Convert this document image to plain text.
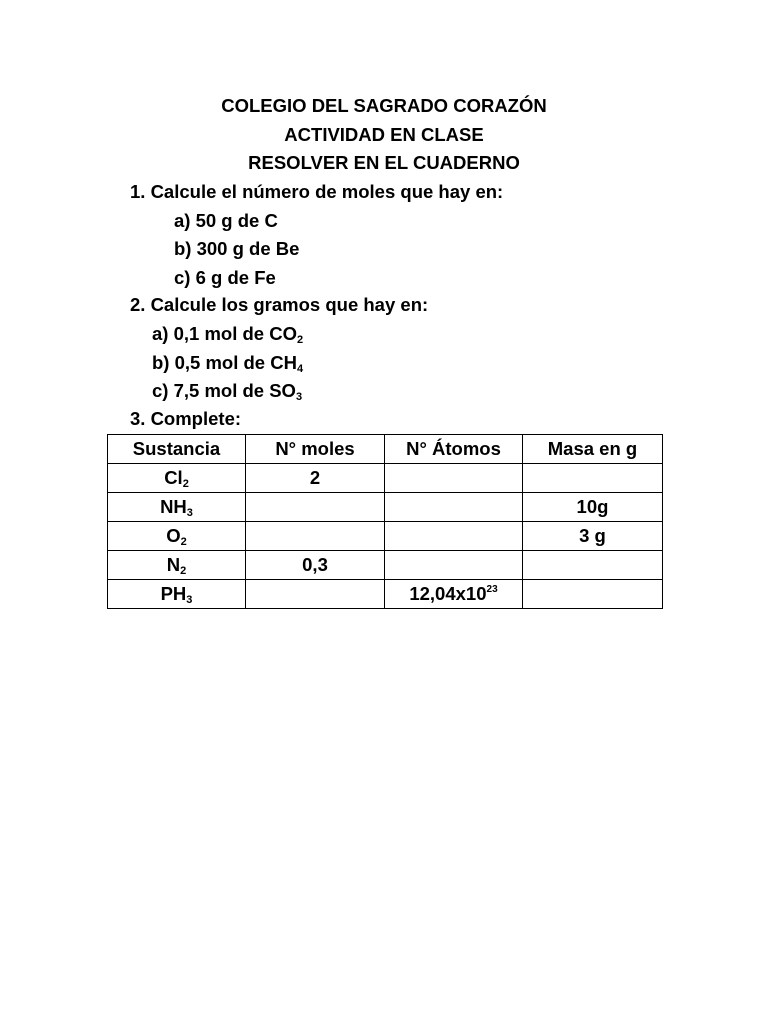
COLEGIO DEL SAGRADO CORAZÓN
ACTIVIDAD EN CLASE
RESOLVER EN EL CUADERNO
1. Calcule el número de moles que hay en:
a) 50 g de C
b) 300 g de Be
c) 6 g de Fe
2. Calcule los gramos que hay en:
a) 0,1 mol de $CO_2$
b) 0,5 mol de $CH_4$
c) 7,5 mol de $SO_3$
3. Complete:
Sustancia	N° moles	N° Átomos	Masa en g
$Cl_2$	2		
$NH_3$			10g
$O_2$			3 g
$N_2$	0,3		
$PH_3$		$12,04x10^{23}$	
